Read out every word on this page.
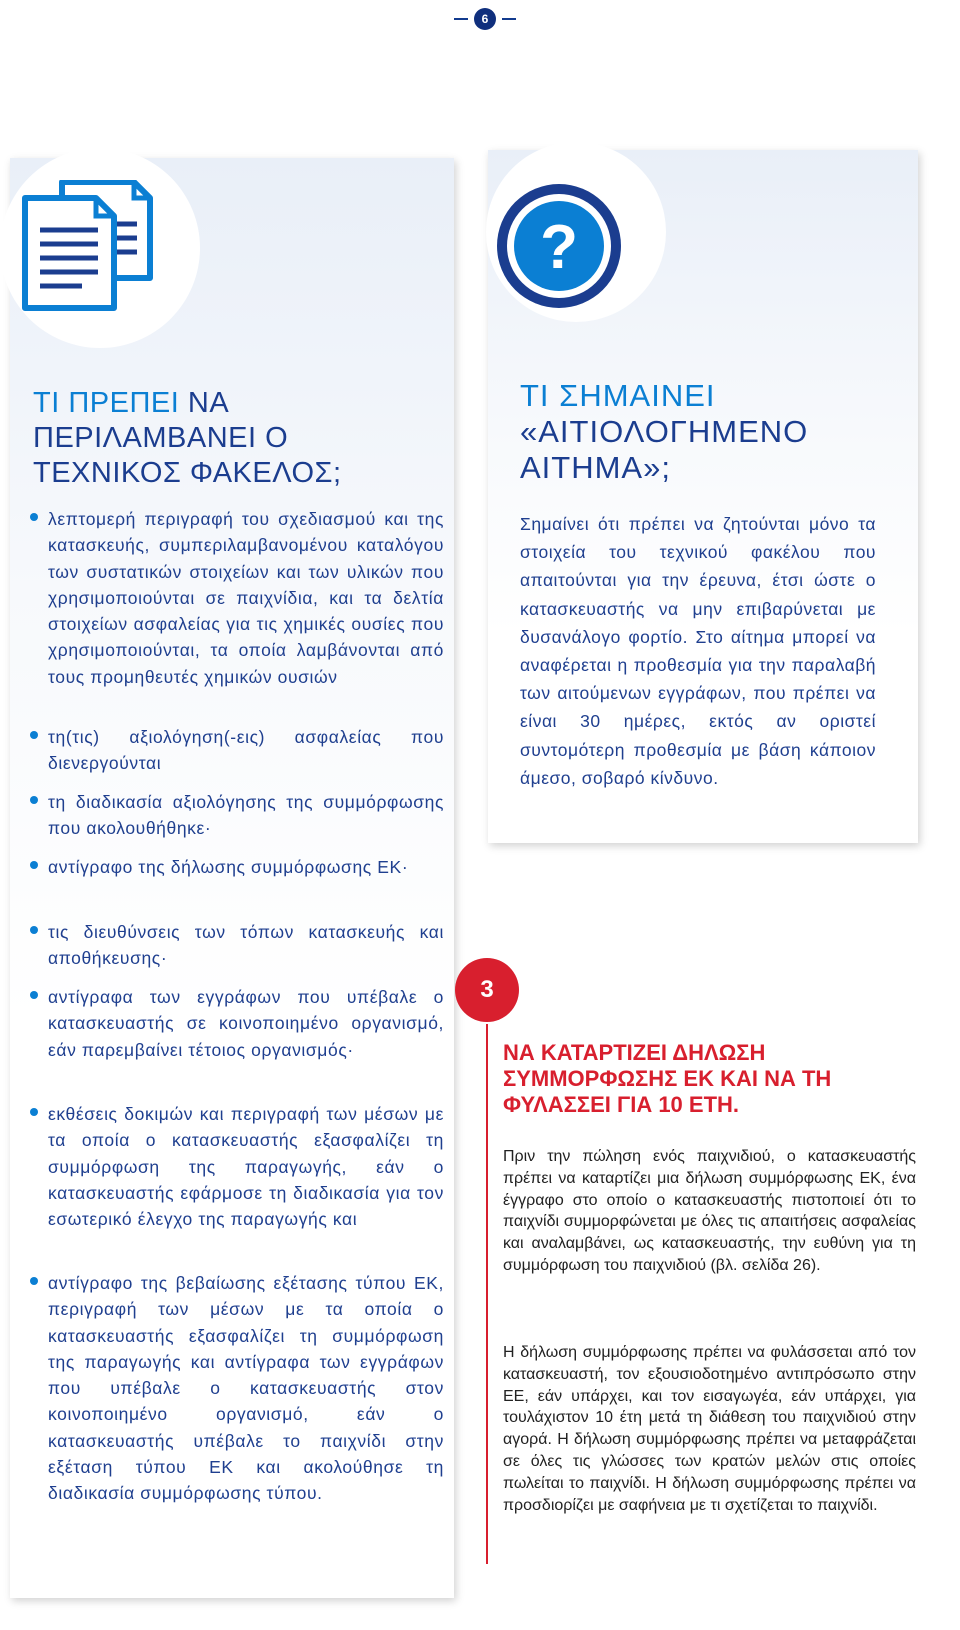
6
ΤΙ ΠΡΕΠΕΙ ΝΑ ΠΕΡΙΛΑΜΒΑΝΕΙ Ο ΤΕΧΝΙΚΟΣ ΦΑΚΕΛΟΣ;
λεπτομερή περιγραφή του σχεδιασμού και της κατασκευής, συμπεριλαμβανομένου καταλόγου των συστατικών στοιχείων και των υλικών που χρησιμοποιούνται σε παιχνίδια, και τα δελτία στοιχείων ασφαλείας για τις χημικές ουσίες που χρησιμοποιούνται, τα οποία λαμβάνονται από τους προμηθευτές χημικών ουσιών
τη(τις) αξιολόγηση(-εις) ασφαλείας που διενεργούνται
τη διαδικασία αξιολόγησης της συμμόρφωσης που ακολουθήθηκε·
αντίγραφο της δήλωσης συμμόρφωσης ΕΚ·
τις διευθύνσεις των τόπων κατασκευής και αποθήκευσης·
αντίγραφα των εγγράφων που υπέβαλε ο κατασκευαστής σε κοινοποιημένο οργανισμό, εάν παρεμβαίνει τέτοιος οργανισμός·
εκθέσεις δοκιμών και περιγραφή των μέσων με τα οποία ο κατασκευαστής εξασφαλίζει τη συμμόρφωση της παραγωγής, εάν ο κατασκευαστής εφάρμοσε τη διαδικασία για τον εσωτερικό έλεγχο της παραγωγής και
αντίγραφο της βεβαίωσης εξέτασης τύπου ΕΚ, περιγραφή των μέσων με τα οποία ο κατασκευαστής εξασφαλίζει τη συμμόρφωση της παραγωγής και αντίγραφα των εγγράφων που υπέβαλε ο κατασκευαστής στον κοινοποιημένο οργανισμό, εάν ο κατασκευαστής υπέβαλε το παιχνίδι στην εξέταση τύπου ΕΚ και ακολούθησε τη διαδικασία συμμόρφωσης τύπου.
?
ΤΙ ΣΗΜΑΙΝΕΙ
«ΑΙΤΙΟΛΟΓΗΜΕΝΟ
ΑΙΤΗΜΑ»;
Σημαίνει ότι πρέπει να ζητούνται μόνο τα στοιχεία του τεχνικού φακέλου που απαιτούνται για την έρευνα, έτσι ώστε ο κατασκευαστής να μην επιβαρύνεται με δυσανάλογο φορτίο. Στο αίτημα μπορεί να αναφέρεται η προθεσμία για την παραλαβή των αιτούμενων εγγράφων, που πρέπει να είναι 30 ημέρες, εκτός αν οριστεί συντομότερη προθεσμία με βάση κάποιον άμεσο, σοβαρό κίνδυνο.
3
ΝΑ ΚΑΤΑΡΤΙΖΕΙ ΔΗΛΩΣΗ ΣΥΜΜΟΡΦΩΣΗΣ ΕΚ ΚΑΙ ΝΑ ΤΗ ΦΥΛΑΣΣΕΙ ΓΙΑ 10 ΕΤΗ.
Πριν την πώληση ενός παιχνιδιού, ο κατασκευαστής πρέπει να καταρτίζει μια δήλωση συμμόρφωσης ΕΚ, ένα έγγραφο στο οποίο ο κατασκευαστής πιστοποιεί ότι το παιχνίδι συμμορφώνεται με όλες τις απαιτήσεις ασφαλείας και αναλαμβάνει, ως κατασκευαστής, την ευθύνη για τη συμμόρφωση του παιχνιδιού (βλ. σελίδα 26).
Η δήλωση συμμόρφωσης πρέπει να φυλάσσεται από τον κατασκευαστή, τον εξουσιοδοτημένο αντιπρόσωπο στην ΕΕ, εάν υπάρχει, και τον εισαγωγέα, εάν υπάρχει, για τουλάχιστον 10 έτη μετά τη διάθεση του παιχνιδιού στην αγορά. Η δήλωση συμμόρφωσης πρέπει να μεταφράζεται σε όλες τις γλώσσες των κρατών μελών στις οποίες πωλείται το παιχνίδι. Η δήλωση συμμόρφωσης πρέπει να προσδιορίζει με σαφήνεια με τι σχετίζεται το παιχνίδι.
